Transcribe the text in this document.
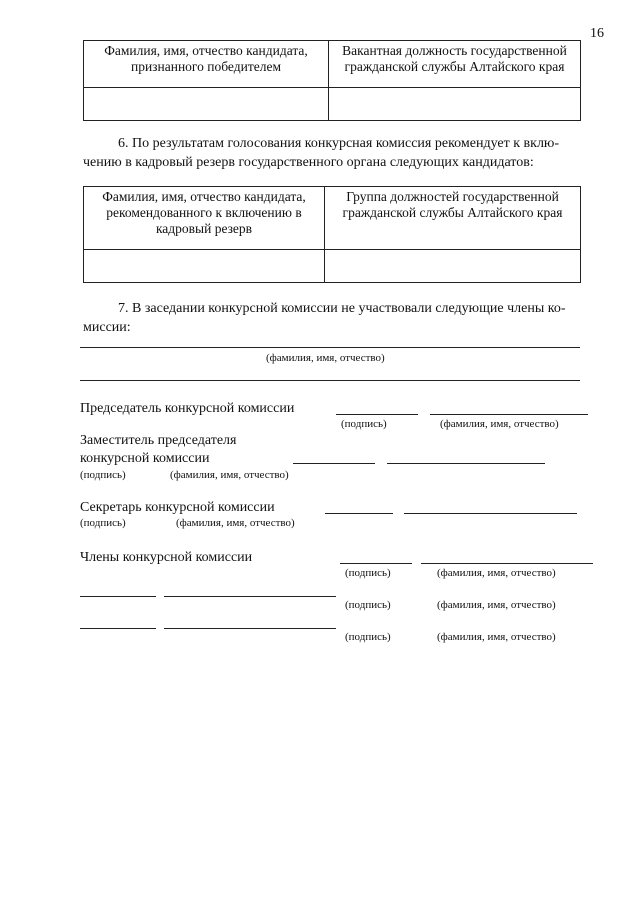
16
Фамилия, имя, отчество кандидата, признанного победителем	Вакантная должность государственной гражданской службы Алтайского края

6. По результатам голосования конкурсная комиссия рекомендует к вклю-
чению в кадровый резерв государственного органа следующих кандидатов:
Фамилия, имя, отчество кандидата, рекомендованного к включению в кадровый резерв	Группа должностей государственной гражданской службы Алтайского края

7. В заседании конкурсной комиссии не участвовали следующие члены ко-
миссии:
(фамилия, имя, отчество)
Председатель конкурсной комиссии
(подпись)	(фамилия, имя, отчество)
Заместитель председателя
конкурсной комиссии
(подпись)	(фамилия, имя, отчество)
Секретарь конкурсной комиссии
(подпись)	(фамилия, имя, отчество)
Члены конкурсной комиссии
(подпись)	(фамилия, имя, отчество)
(подпись)	(фамилия, имя, отчество)
(подпись)	(фамилия, имя, отчество)
